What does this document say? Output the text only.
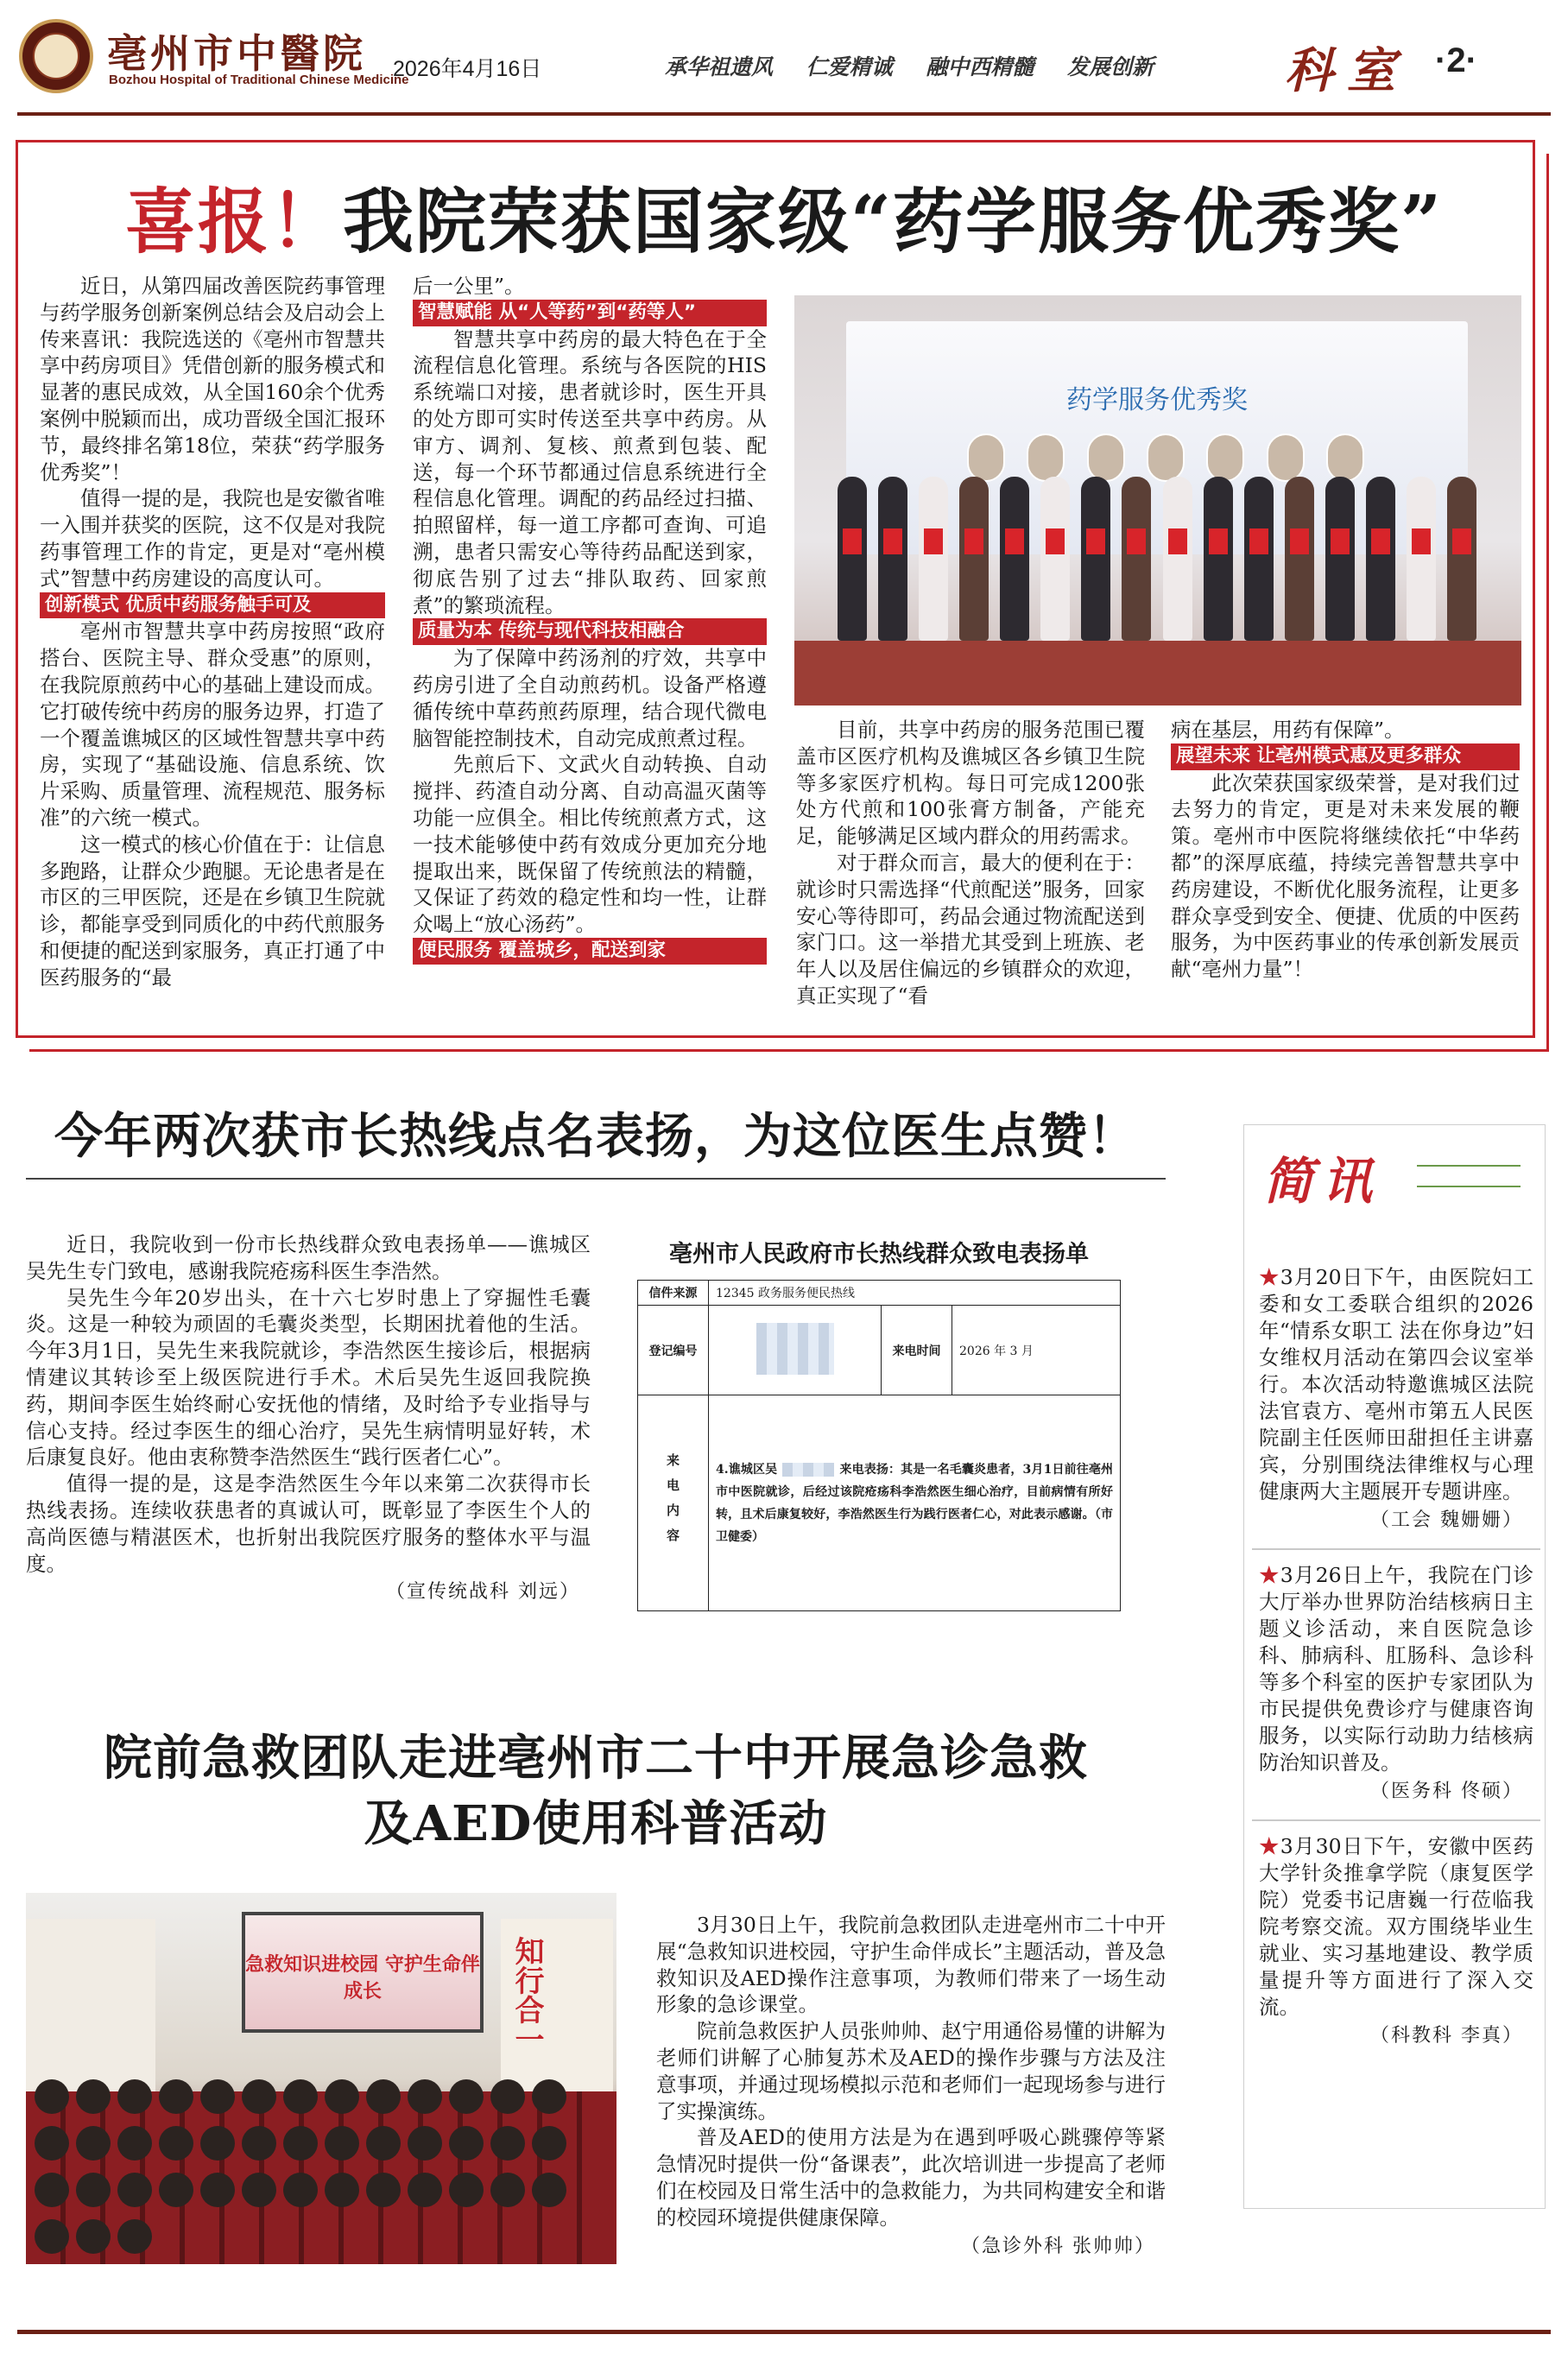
亳州市中醫院
Bozhou Hospital of Traditional Chinese Medicine
2026年4月16日	承华祖遗风 仁爱精诚 融中西精髓 发展创新	科室 ·2·
喜报！我院荣获国家级“药学服务优秀奖”

近日，从第四届改善医院药事管理与药学服务创新案例总结会及启动会上传来喜讯：我院选送的《亳州市智慧共享中药房项目》凭借创新的服务模式和显著的惠民成效，从全国160余个优秀案例中脱颖而出，成功晋级全国汇报环节，最终排名第18位，荣获“药学服务优秀奖”！

值得一提的是，我院也是安徽省唯一入围并获奖的医院，这不仅是对我院药事管理工作的肯定，更是对“亳州模式”智慧中药房建设的高度认可。

创新模式 优质中药服务触手可及

亳州市智慧共享中药房按照“政府搭台、医院主导、群众受惠”的原则，在我院原煎药中心的基础上建设而成。它打破传统中药房的服务边界，打造了一个覆盖谯城区的区域性智慧共享中药房，实现了“基础设施、信息系统、饮片采购、质量管理、流程规范、服务标准”的六统一模式。

这一模式的核心价值在于：让信息多跑路，让群众少跑腿。无论患者是在市区的三甲医院，还是在乡镇卫生院就诊，都能享受到同质化的中药代煎服务和便捷的配送到家服务，真正打通了中医药服务的“最

后一公里”。

智慧赋能 从“人等药”到“药等人”

智慧共享中药房的最大特色在于全流程信息化管理。系统与各医院的HIS系统端口对接，患者就诊时，医生开具的处方即可实时传送至共享中药房。从审方、调剂、复核、煎煮到包装、配送，每一个环节都通过信息系统进行全程信息化管理。调配的药品经过扫描、拍照留样，每一道工序都可查询、可追溯，患者只需安心等待药品配送到家，彻底告别了过去“排队取药、回家煎煮”的繁琐流程。

质量为本 传统与现代科技相融合

为了保障中药汤剂的疗效，共享中药房引进了全自动煎药机。设备严格遵循传统中草药煎药原理，结合现代微电脑智能控制技术，自动完成煎煮过程。

先煎后下、文武火自动转换、自动搅拌、药渣自动分离、自动高温灭菌等功能一应俱全。相比传统煎煮方式，这一技术能够使中药有效成分更加充分地提取出来，既保留了传统煎法的精髓，又保证了药效的稳定性和均一性，让群众喝上“放心汤药”。

便民服务 覆盖城乡，配送到家
药学服务优秀奖

目前，共享中药房的服务范围已覆盖市区医疗机构及谯城区各乡镇卫生院等多家医疗机构。每日可完成1200张处方代煎和100张膏方制备，产能充足，能够满足区域内群众的用药需求。

对于群众而言，最大的便利在于：就诊时只需选择“代煎配送”服务，回家安心等待即可，药品会通过物流配送到家门口。这一举措尤其受到上班族、老年人以及居住偏远的乡镇群众的欢迎，真正实现了“看

病在基层，用药有保障”。

展望未来 让亳州模式惠及更多群众

此次荣获国家级荣誉，是对我们过去努力的肯定，更是对未来发展的鞭策。亳州市中医院将继续依托“中华药都”的深厚底蕴，持续完善智慧共享中药房建设，不断优化服务流程，让更多群众享受到安全、便捷、优质的中医药服务，为中医药事业的传承创新发展贡献“亳州力量”！

今年两次获市长热线点名表扬，为这位医生点赞！

近日，我院收到一份市长热线群众致电表扬单——谯城区吴先生专门致电，感谢我院疮疡科医生李浩然。

吴先生今年20岁出头，在十六七岁时患上了穿掘性毛囊炎。这是一种较为顽固的毛囊炎类型，长期困扰着他的生活。今年3月1日，吴先生来我院就诊，李浩然医生接诊后，根据病情建议其转诊至上级医院进行手术。术后吴先生返回我院换药，期间李医生始终耐心安抚他的情绪，及时给予专业指导与信心支持。经过李医生的细心治疗，吴先生病情明显好转，术后康复良好。他由衷称赞李浩然医生“践行医者仁心”。

值得一提的是，这是李浩然医生今年以来第二次获得市长热线表扬。连续收获患者的真诚认可，既彰显了李医生个人的高尚医德与精湛医术，也折射出我院医疗服务的整体水平与温度。

（宣传统战科 刘远）
亳州市人民政府市长热线群众致电表扬单
信件来源	12345 政务服务便民热线		
登记编号		来电时间	2026 年 3 月
来电内容	4.谯城区吴 来电表扬：其是一名毛囊炎患者，3月1日前往亳州市中医院就诊，后经过该院疮疡科李浩然医生细心治疗，目前病情有所好转，且术后康复较好，李浩然医生行为践行医者仁心，对此表示感谢。（市卫健委）		
院前急救团队走进亳州市二十中开展急诊急救
及AED使用科普活动
急救知识进校园 守护生命伴成长	知行合一

3月30日上午，我院前急救团队走进亳州市二十中开展“急救知识进校园，守护生命伴成长”主题活动，普及急救知识及AED操作注意事项，为教师们带来了一场生动形象的急诊课堂。

院前急救医护人员张帅帅、赵宁用通俗易懂的讲解为老师们讲解了心肺复苏术及AED的操作步骤与方法及注意事项，并通过现场模拟示范和老师们一起现场参与进行了实操演练。

普及AED的使用方法是为在遇到呼吸心跳骤停等紧急情况时提供一份“备课表”，此次培训进一步提高了老师们在校园及日常生活中的急救能力，为共同构建安全和谐的校园环境提供健康保障。

（急诊外科 张帅帅）
简讯

★3月20日下午，由医院妇工委和女工委联合组织的2026年“情系女职工 法在你身边”妇女维权月活动在第四会议室举行。本次活动特邀谯城区法院法官袁方、亳州市第五人民医院副主任医师田甜担任主讲嘉宾，分别围绕法律维权与心理健康两大主题展开专题讲座。

（工会 魏姗姗）

★3月26日上午，我院在门诊大厅举办世界防治结核病日主题义诊活动，来自医院急诊科、肺病科、肛肠科、急诊科等多个科室的医护专家团队为市民提供免费诊疗与健康咨询服务，以实际行动助力结核病防治知识普及。

（医务科 佟硕）

★3月30日下午，安徽中医药大学针灸推拿学院（康复医学院）党委书记唐巍一行莅临我院考察交流。双方围绕毕业生就业、实习基地建设、教学质量提升等方面进行了深入交流。

（科教科 李真）
